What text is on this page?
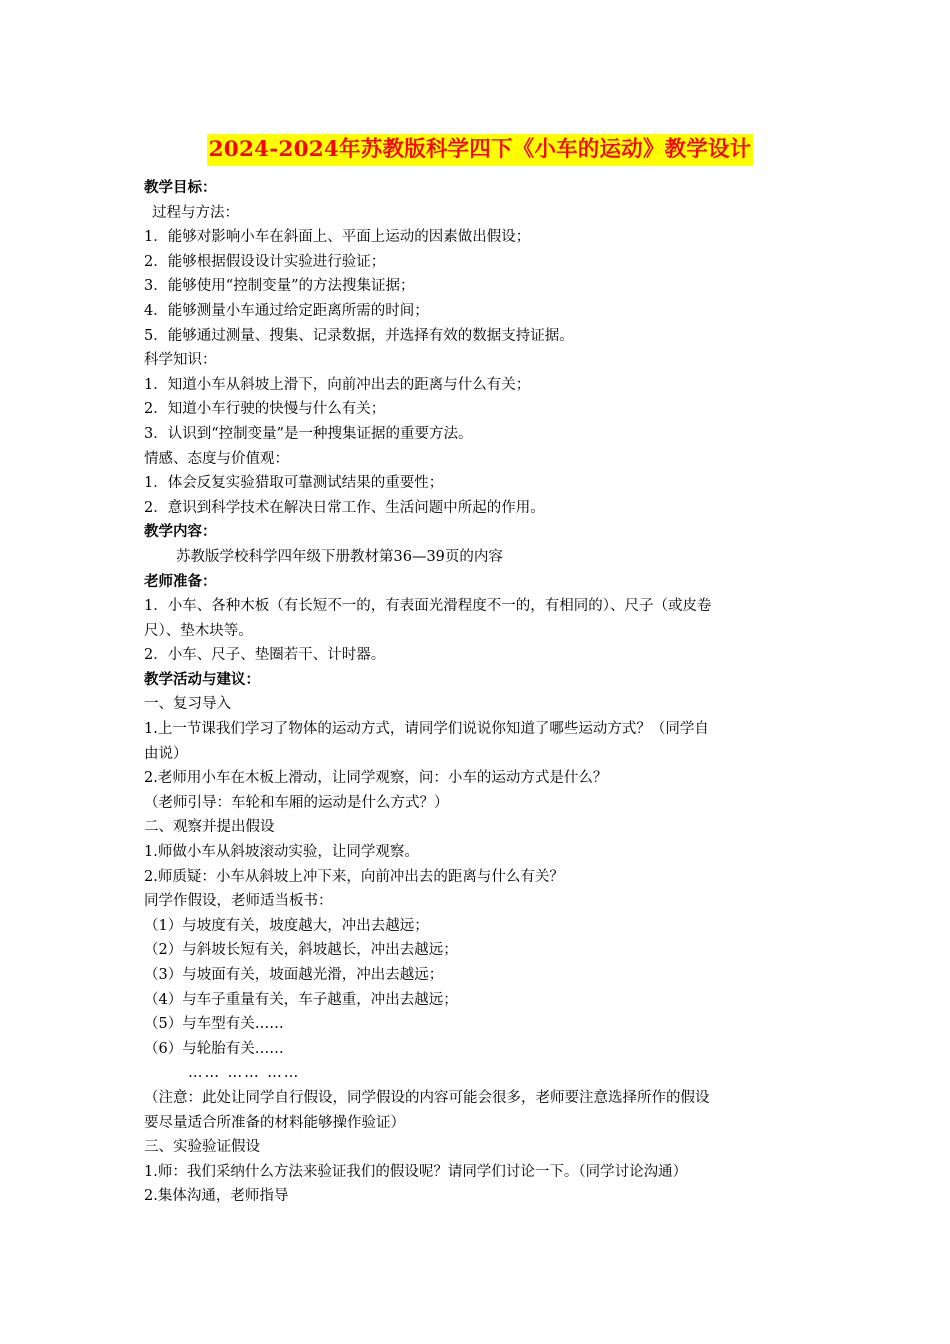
2024-2024年苏教版科学四下《小车的运动》教学设计
教学目标：
过程与方法：
1．能够对影响小车在斜面上、平面上运动的因素做出假设；
2．能够根据假设设计实验进行验证；
3．能够使用“控制变量”的方法搜集证据；
4．能够测量小车通过给定距离所需的时间；
5．能够通过测量、搜集、记录数据，并选择有效的数据支持证据。
科学知识：
1．知道小车从斜坡上滑下，向前冲出去的距离与什么有关；
2．知道小车行驶的快慢与什么有关；
3．认识到“控制变量”是一种搜集证据的重要方法。
情感、态度与价值观：
1．体会反复实验猎取可靠测试结果的重要性；
2．意识到科学技术在解决日常工作、生活问题中所起的作用。
教学内容：
苏教版学校科学四年级下册教材第36—39页的内容
老师准备：
1．小车、各种木板（有长短不一的，有表面光滑程度不一的，有相同的）、尺子（或皮卷
尺）、垫木块等。
2．小车、尺子、垫圈若干、计时器。
教学活动与建议：
一、复习导入
1.上一节课我们学习了物体的运动方式，请同学们说说你知道了哪些运动方式？（同学自
由说）
2.老师用小车在木板上滑动，让同学观察，问：小车的运动方式是什么？
（老师引导：车轮和车厢的运动是什么方式？）
二、观察并提出假设
1.师做小车从斜坡滚动实验，让同学观察。
2.师质疑：小车从斜坡上冲下来，向前冲出去的距离与什么有关？
同学作假设，老师适当板书：
（1）与坡度有关，坡度越大，冲出去越远；
（2）与斜坡长短有关，斜坡越长，冲出去越远；
（3）与坡面有关，坡面越光滑，冲出去越远；
（4）与车子重量有关，车子越重，冲出去越远；
（5）与车型有关……
（6）与轮胎有关……
…… …… ……
（注意：此处让同学自行假设，同学假设的内容可能会很多，老师要注意选择所作的假设
要尽量适合所准备的材料能够操作验证）
三、实验验证假设
1.师：我们采纳什么方法来验证我们的假设呢？请同学们讨论一下。（同学讨论沟通）
2.集体沟通，老师指导
